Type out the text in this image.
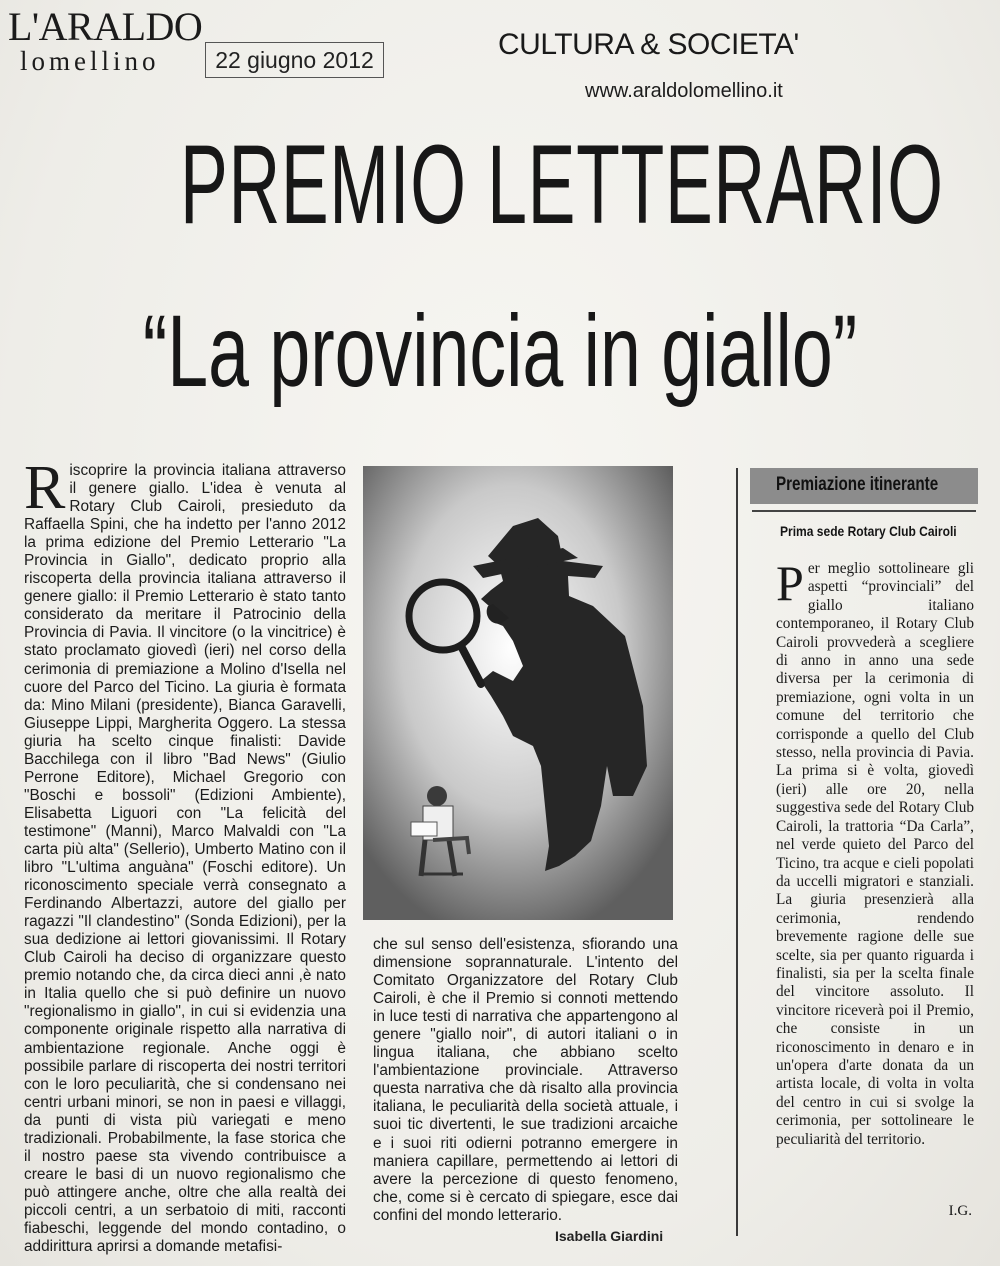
L'ARALDO
lomellino	22 giugno 2012	CULTURA & SOCIETA'
www.araldolomellino.it
PREMIO LETTERARIO
“La provincia in giallo”
R iscoprire la provincia italiana attraverso il genere giallo. L'idea è venuta al Rotary Club Cairoli, presieduto da Raffaella Spini, che ha indetto per l'anno 2012 la prima edizione del Premio Letterario "La Provincia in Giallo", dedicato proprio alla riscoperta della provincia italiana attraverso il genere giallo: il Premio Letterario è stato tanto considerato da meritare il Patrocinio della Provincia di Pavia. Il vincitore (o la vincitrice) è stato proclamato giovedì (ieri) nel corso della cerimonia di premiazione a Molino d'Isella nel cuore del Parco del Ticino. La giuria è formata da: Mino Milani (presidente), Bianca Garavelli, Giuseppe Lippi, Margherita Oggero. La stessa giuria ha scelto cinque finalisti: Davide Bacchilega con il libro "Bad News" (Giulio Perrone Editore), Michael Gregorio con "Boschi e bossoli" (Edizioni Ambiente), Elisabetta Liguori con "La felicità del testimone" (Manni), Marco Malvaldi con "La carta più alta" (Sellerio), Umberto Matino con il libro "L'ultima anguàna" (Foschi editore). Un riconoscimento speciale verrà consegnato a Ferdinando Albertazzi, autore del giallo per ragazzi "Il clandestino" (Sonda Edizioni), per la sua dedizione ai lettori giovanissimi. Il Rotary Club Cairoli ha deciso di organizzare questo premio notando che, da circa dieci anni ,è nato in Italia quello che si può definire un nuovo "regionalismo in giallo", in cui si evidenzia una componente originale rispetto alla narrativa di ambientazione regionale. Anche oggi è possibile parlare di riscoperta dei nostri territori con le loro peculiarità, che si condensano nei centri urbani minori, se non in paesi e villaggi, da punti di vista più variegati e meno tradizionali. Probabilmente, la fase storica che il nostro paese sta vivendo contribuisce a creare le basi di un nuovo regionalismo che può attingere anche, oltre che alla realtà dei piccoli centri, a un serbatoio di miti, racconti fiabeschi, leggende del mondo contadino, o addirittura aprirsi a domande metafisi-

che sul senso dell'esistenza, sfiorando una dimensione soprannaturale. L'intento del Comitato Organizzatore del Rotary Club Cairoli, è che il Premio si connoti mettendo in luce testi di narrativa che appartengono al genere "giallo noir", di autori italiani o in lingua italiana, che abbiano scelto l'ambientazione provinciale. Attraverso questa narrativa che dà risalto alla provincia italiana, le peculiarità della società attuale, i suoi tic divertenti, le sue tradizioni arcaiche e i suoi riti odierni potranno emergere in maniera capillare, permettendo ai lettori di avere la percezione di questo fenomeno, che, come si è cercato di spiegare, esce dai confini del mondo letterario.

Isabella Giardini
Premiazione itinerante
Prima sede Rotary Club Cairoli
P er meglio sottolineare gli aspetti “provinciali” del giallo italiano contemporaneo, il Rotary Club Cairoli provvederà a scegliere di anno in anno una sede diversa per la cerimonia di premiazione, ogni volta in un comune del territorio che corrisponde a quello del Club stesso, nella provincia di Pavia. La prima si è volta, giovedì (ieri) alle ore 20, nella suggestiva sede del Rotary Club Cairoli, la trattoria “Da Carla”, nel verde quieto del Parco del Ticino, tra acque e cieli popolati da uccelli migratori e stanziali. La giuria presenzierà alla cerimonia, rendendo brevemente ragione delle sue scelte, sia per quanto riguarda i finalisti, sia per la scelta finale del vincitore assoluto. Il vincitore riceverà poi il Premio, che consiste in un riconoscimento in denaro e in un'opera d'arte donata da un artista locale, di volta in volta del centro in cui si svolge la cerimonia, per sottolineare le peculiarità del territorio.

I.G.
